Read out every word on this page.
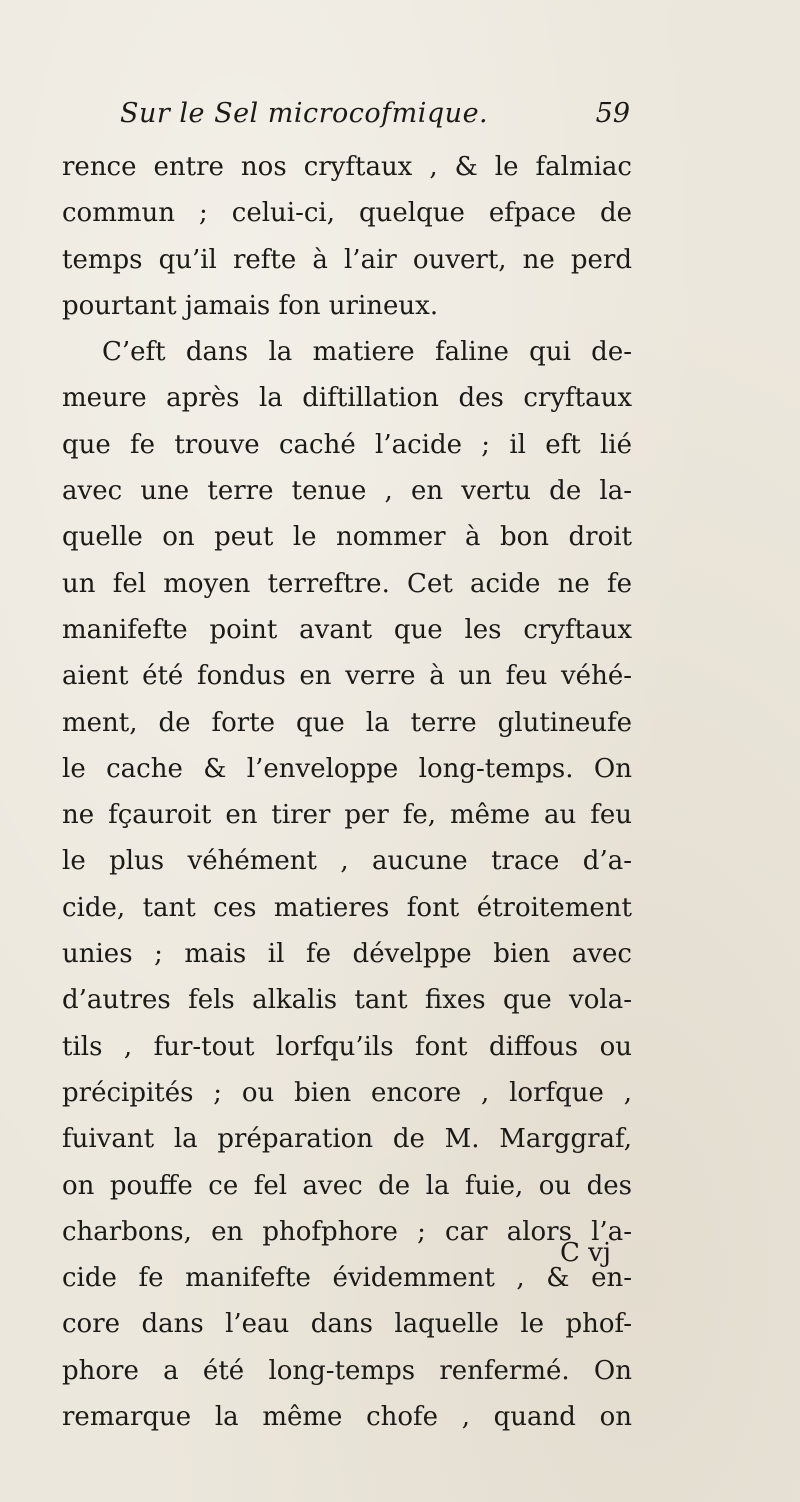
Sur le Sel microcofmique.	59
rence entre nos cryftaux , & le falmiac
commun ; celui-ci, quelque efpace de
temps qu’il refte à l’air ouvert, ne perd
pourtant jamais fon urineux.
C’eft dans la matiere faline qui de-
meure après la diftillation des cryftaux
que fe trouve caché l’acide ; il eft lié
avec une terre tenue , en vertu de la-
quelle on peut le nommer à bon droit
un fel moyen terreftre. Cet acide ne fe
manifefte point avant que les cryftaux
aient été fondus en verre à un feu véhé-
ment, de forte que la terre glutineufe
le cache & l’enveloppe long-temps. On
ne fçauroit en tirer per fe, même au feu
le plus véhément , aucune trace d’a-
cide, tant ces matieres font étroitement
unies ; mais il fe dévelppe bien avec
d’autres fels alkalis tant fixes que vola-
tils , fur-tout lorfqu’ils font diffous ou
précipités ; ou bien encore , lorfque ,
fuivant la préparation de M. Marggraf,
on pouffe ce fel avec de la fuie, ou des
charbons, en phofphore ; car alors l’a-
cide fe manifefte évidemment , & en-
core dans l’eau dans laquelle le phof-
phore a été long-temps renfermé. On
remarque la même chofe , quand on
C vj
